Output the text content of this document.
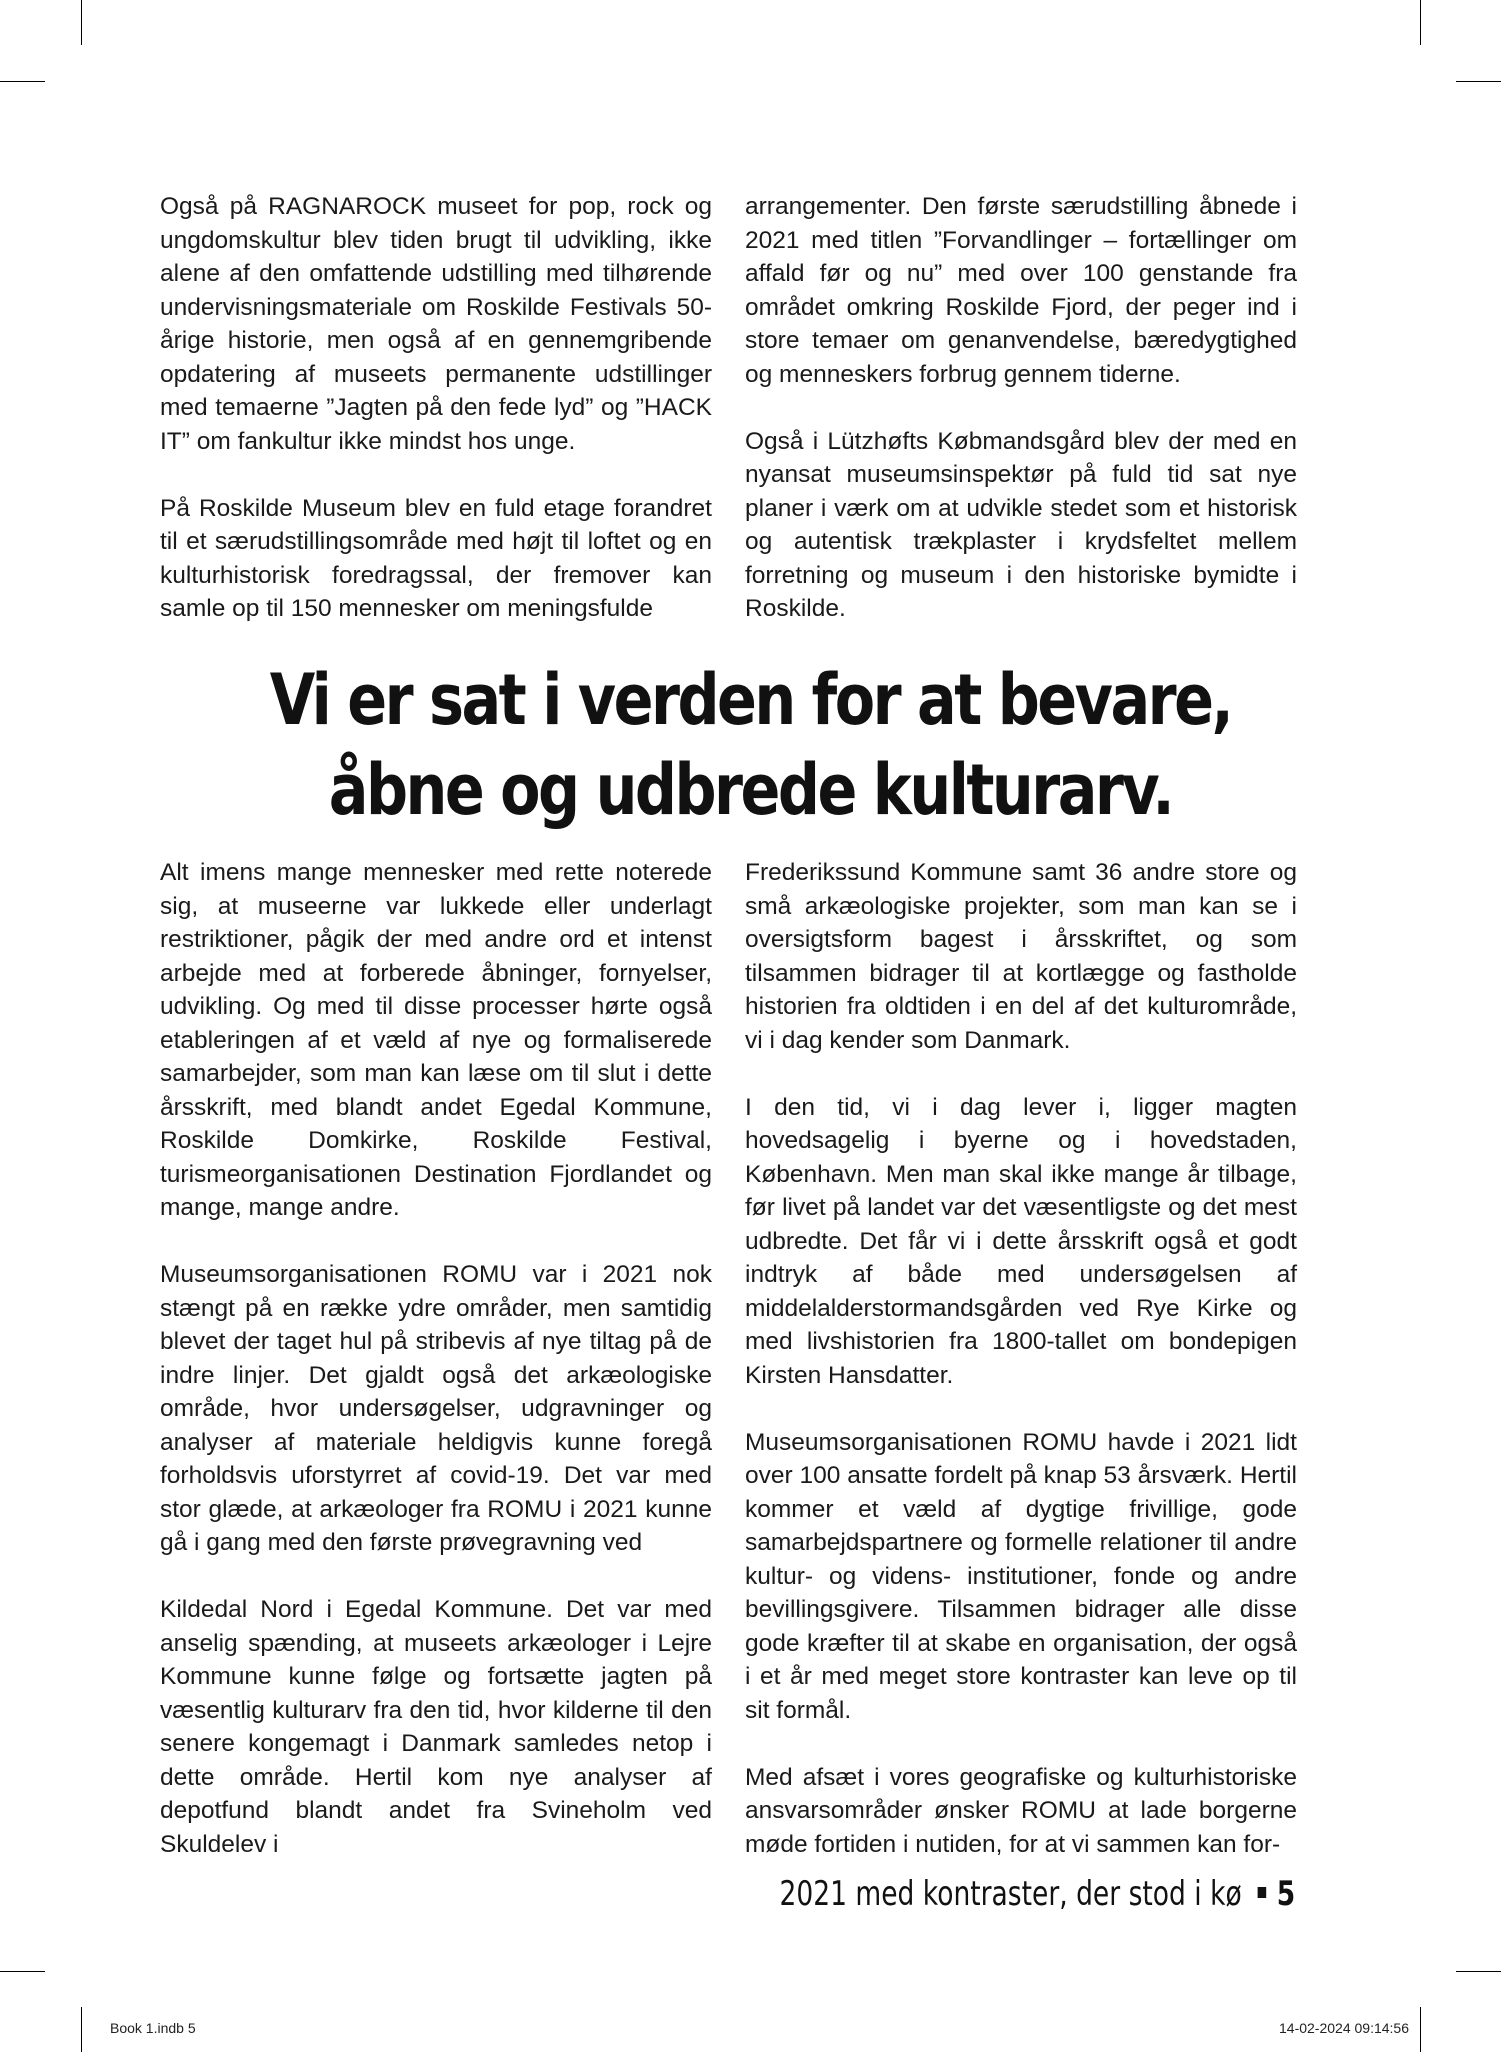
Også på RAGNAROCK museet for pop, rock og ungdomskultur blev tiden brugt til udvikling, ikke alene af den omfattende udstilling med tilhørende undervisningsmateriale om Roskilde Festivals 50-årige historie, men også af en gennemgribende opdatering af museets permanente udstillinger med temaerne ”Jagten på den fede lyd” og ”HACK IT” om fankultur ikke mindst hos unge.

På Roskilde Museum blev en fuld etage forandret til et særudstillingsområde med højt til loftet og en kulturhistorisk foredragssal, der fremover kan samle op til 150 mennesker om meningsfulde

arrangementer. Den første særudstilling åbnede i 2021 med titlen ”Forvandlinger – fortællinger om affald før og nu” med over 100 genstande fra området omkring Roskilde Fjord, der peger ind i store temaer om genanvendelse, bæredygtighed og menneskers forbrug gennem tiderne.

Også i Lützhøfts Købmandsgård blev der med en nyansat museumsinspektør på fuld tid sat nye planer i værk om at udvikle stedet som et historisk og autentisk trækplaster i krydsfeltet mellem forretning og museum i den historiske bymidte i Roskilde.

Vi er sat i verden for at bevare, åbne og udbrede kulturarv.

Alt imens mange mennesker med rette noterede sig, at museerne var lukkede eller underlagt restriktioner, pågik der med andre ord et intenst arbejde med at forberede åbninger, fornyelser, udvikling. Og med til disse processer hørte også etableringen af et væld af nye og formaliserede samarbejder, som man kan læse om til slut i dette årsskrift, med blandt andet Egedal Kommune, Roskilde Domkirke, Roskilde Festival, turismeorganisationen Destination Fjordlandet og mange, mange andre.

Museumsorganisationen ROMU var i 2021 nok stængt på en række ydre områder, men samtidig blevet der taget hul på stribevis af nye tiltag på de indre linjer. Det gjaldt også det arkæologiske område, hvor undersøgelser, udgravninger og analyser af materiale heldigvis kunne foregå forholdsvis uforstyrret af covid-19. Det var med stor glæde, at arkæologer fra ROMU i 2021 kunne gå i gang med den første prøvegravning ved

Kildedal Nord i Egedal Kommune. Det var med anselig spænding, at museets arkæologer i Lejre Kommune kunne følge og fortsætte jagten på væsentlig kulturarv fra den tid, hvor kilderne til den senere kongemagt i Danmark samledes netop i dette område. Hertil kom nye analyser af depotfund blandt andet fra Svineholm ved Skuldelev i

Frederikssund Kommune samt 36 andre store og små arkæologiske projekter, som man kan se i oversigtsform bagest i årsskriftet, og som tilsammen bidrager til at kortlægge og fastholde historien fra oldtiden i en del af det kulturområde, vi i dag kender som Danmark.

I den tid, vi i dag lever i, ligger magten hovedsagelig i byerne og i hovedstaden, København. Men man skal ikke mange år tilbage, før livet på landet var det væsentligste og det mest udbredte. Det får vi i dette årsskrift også et godt indtryk af både med undersøgelsen af middelalderstormandsgården ved Rye Kirke og med livshistorien fra 1800-tallet om bondepigen Kirsten Hansdatter.

Museumsorganisationen ROMU havde i 2021 lidt over 100 ansatte fordelt på knap 53 årsværk. Hertil kommer et væld af dygtige frivillige, gode samarbejdspartnere og formelle relationer til andre kultur- og videns- institutioner, fonde og andre bevillingsgivere. Tilsammen bidrager alle disse gode kræfter til at skabe en organisation, der også i et år med meget store kontraster kan leve op til sit formål.

Med afsæt i vores geografiske og kulturhistoriske ansvarsområder ønsker ROMU at lade borgerne møde fortiden i nutiden, for at vi sammen kan for-

2021 med kontraster, der stod i kø 5
Book 1.indb 5	14-02-2024 09:14:56
